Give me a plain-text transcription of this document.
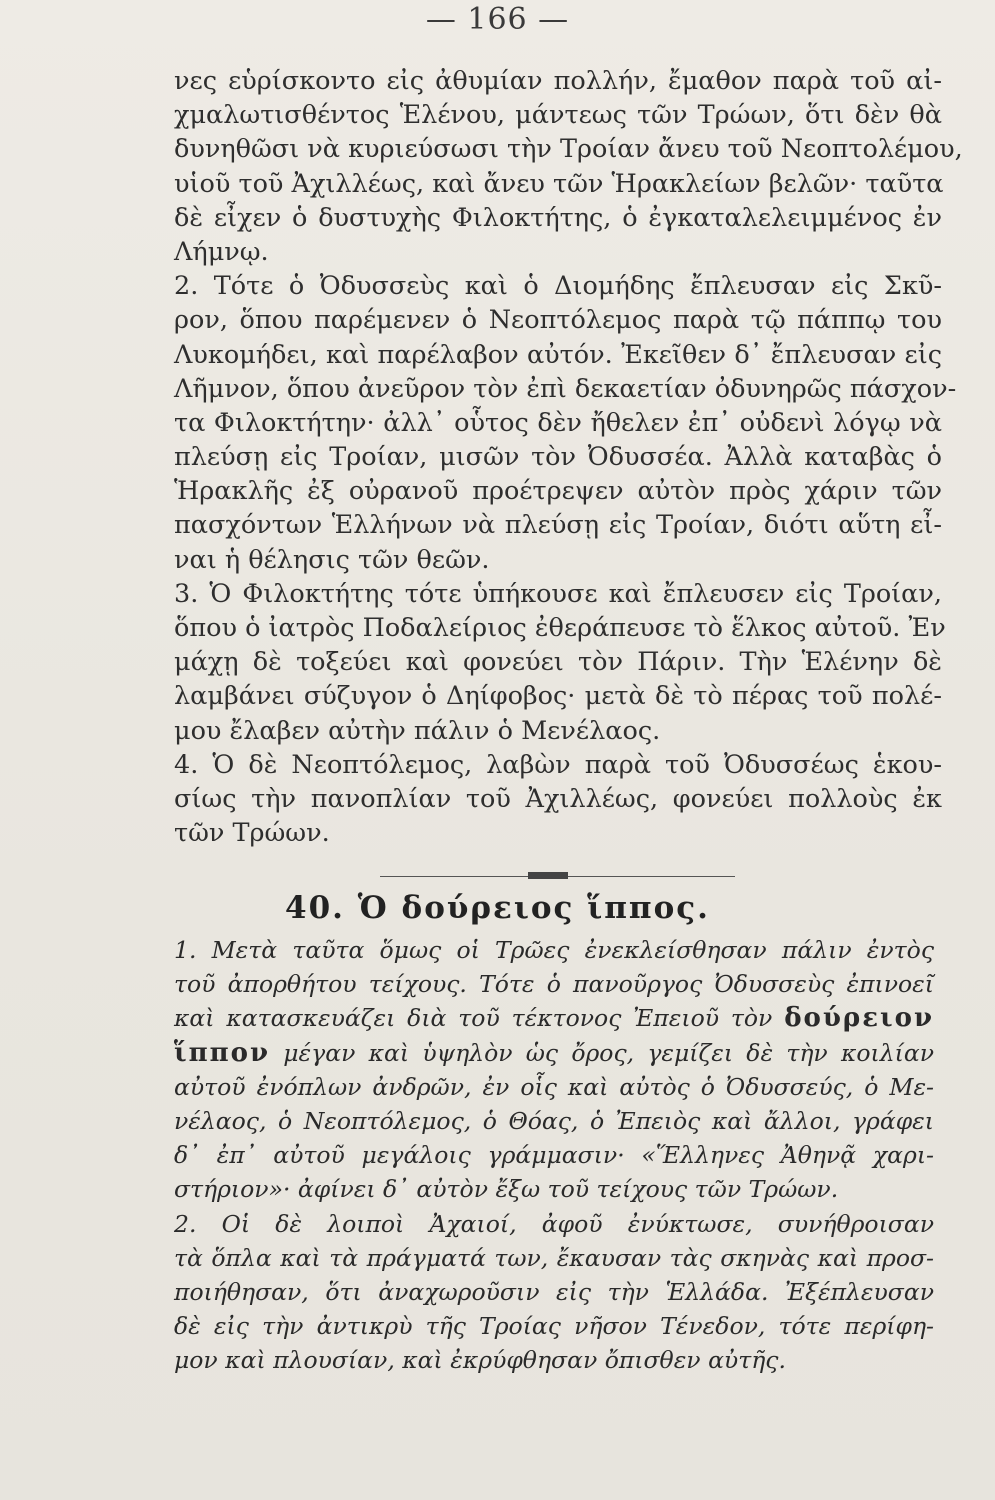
— 166 —
νες εὑρίσκοντο εἰς ἀθυμίαν πολλήν, ἔμαθον παρὰ τοῦ αἰ-
χμαλωτισθέντος Ἑλένου, μάντεως τῶν Τρώων, ὅτι δὲν θὰ
δυνηθῶσι νὰ κυριεύσωσι τὴν Τροίαν ἄνευ τοῦ Νεοπτολέμου,
υἱοῦ τοῦ Ἀχιλλέως, καὶ ἄνευ τῶν Ἡρακλείων βελῶν· ταῦτα
δὲ εἶχεν ὁ δυστυχὴς Φιλοκτήτης, ὁ ἐγκαταλελειμμένος ἐν
Λήμνῳ.
2. Τότε ὁ Ὀδυσσεὺς καὶ ὁ Διομήδης ἔπλευσαν εἰς Σκῦ-
ρον, ὅπου παρέμενεν ὁ Νεοπτόλεμος παρὰ τῷ πάππῳ του
Λυκομήδει, καὶ παρέλαβον αὐτόν. Ἐκεῖθεν δ᾽ ἔπλευσαν εἰς
Λῆμνον, ὅπου ἀνεῦρον τὸν ἐπὶ δεκαετίαν ὀδυνηρῶς πάσχον-
τα Φιλοκτήτην· ἀλλ᾽ οὗτος δὲν ἤθελεν ἐπ᾽ οὐδενὶ λόγῳ νὰ
πλεύσῃ εἰς Τροίαν, μισῶν τὸν Ὀδυσσέα. Ἀλλὰ καταβὰς ὁ
Ἡρακλῆς ἐξ οὐρανοῦ προέτρεψεν αὐτὸν πρὸς χάριν τῶν
πασχόντων Ἑλλήνων νὰ πλεύσῃ εἰς Τροίαν, διότι αὕτη εἶ-
ναι ἡ θέλησις τῶν θεῶν.
3. Ὁ Φιλοκτήτης τότε ὑπήκουσε καὶ ἔπλευσεν εἰς Τροίαν,
ὅπου ὁ ἰατρὸς Ποδαλείριος ἐθεράπευσε τὸ ἕλκος αὐτοῦ. Ἐν
μάχῃ δὲ τοξεύει καὶ φονεύει τὸν Πάριν. Τὴν Ἑλένην δὲ
λαμβάνει σύζυγον ὁ Δηίφοβος· μετὰ δὲ τὸ πέρας τοῦ πολέ-
μου ἔλαβεν αὐτὴν πάλιν ὁ Μενέλαος.
4. Ὁ δὲ Νεοπτόλεμος, λαβὼν παρὰ τοῦ Ὀδυσσέως ἑκου-
σίως τὴν πανοπλίαν τοῦ Ἀχιλλέως, φονεύει πολλοὺς ἐκ
τῶν Τρώων.
40. Ὁ δούρειος ἵππος.
1. Μετὰ ταῦτα ὅμως οἱ Τρῶες ἐνεκλείσθησαν πάλιν ἐντὸς
τοῦ ἀπορθήτου τείχους. Τότε ὁ πανοῦργος Ὀδυσσεὺς ἐπινοεῖ
καὶ κατασκευάζει διὰ τοῦ τέκτονος Ἐπειοῦ τὸν δούρειον
ἵππον μέγαν καὶ ὑψηλὸν ὡς ὄρος, γεμίζει δὲ τὴν κοιλίαν
αὐτοῦ ἐνόπλων ἀνδρῶν, ἐν οἷς καὶ αὐτὸς ὁ Ὀδυσσεύς, ὁ Με-
νέλαος, ὁ Νεοπτόλεμος, ὁ Θόας, ὁ Ἐπειὸς καὶ ἄλλοι, γράφει
δ᾽ ἐπ᾽ αὐτοῦ μεγάλοις γράμμασιν· «Ἕλληνες Ἀθηνᾷ χαρι-
στήριον»· ἀφίνει δ᾽ αὐτὸν ἔξω τοῦ τείχους τῶν Τρώων.
2. Οἱ δὲ λοιποὶ Ἀχαιοί, ἀφοῦ ἐνύκτωσε, συνήθροισαν
τὰ ὅπλα καὶ τὰ πράγματά των, ἔκαυσαν τὰς σκηνὰς καὶ προσ-
ποιήθησαν, ὅτι ἀναχωροῦσιν εἰς τὴν Ἑλλάδα. Ἐξέπλευσαν
δὲ εἰς τὴν ἀντικρὺ τῆς Τροίας νῆσον Τένεδον, τότε περίφη-
μον καὶ πλουσίαν, καὶ ἐκρύφθησαν ὄπισθεν αὐτῆς.
